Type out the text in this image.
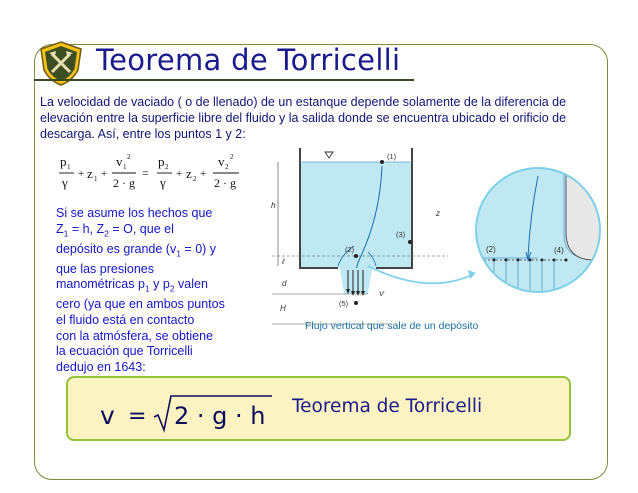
Teorema de Torricelli
La velocidad de vaciado ( o de llenado) de un estanque depende solamente de la diferencia de elevación entre la superficie libre del fluido y la salida donde se encuentra ubicado el orificio de descarga. Así, entre los puntos 1 y 2:
p 1
γ
+ z 1 +
v 1
2
2 · g
=
p 2
γ
+ z 2 +
v 2
2
2 · g
Si se asume los hechos que
$Z_1 = h$, $Z_2 = O$, que el
depósito es grande $(v_1 = 0)$ y
que las presiones
manométricas $p_1$ y $p_2$ valen
cero (ya que en ambos puntos
el fluido está en contacto
con la atmósfera, se obtiene
la ecuación que Torricelli
dedujo en 1643:
(1)
(2)
(3)
(5)
h
ℓ
d
H
V
z
(2)	(4)
Flujo vertical que sale de un depósito
v = 2 · g · h Teorema de Torricelli
